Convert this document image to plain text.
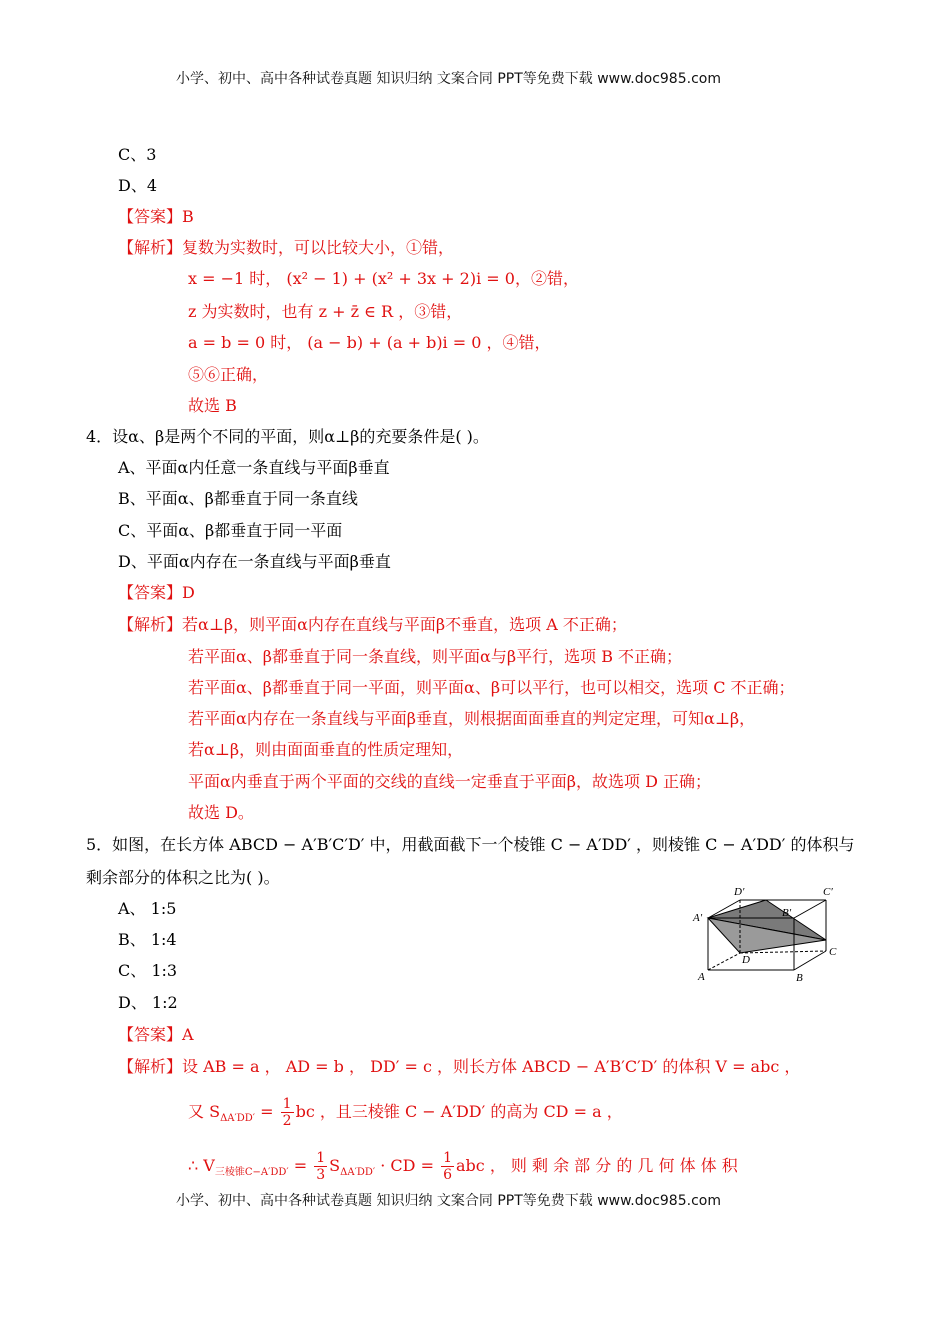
小学、初中、高中各种试卷真题 知识归纳 文案合同 PPT等免费下载 www.doc985.com
C、3
D、4
【答案】B
【解析】复数为实数时，可以比较大小，①错，
x = −1 时， (x² − 1) + (x² + 3x + 2)i = 0，②错，
z 为实数时，也有 z + z̄ ∈ R ，③错，
a = b = 0 时， (a − b) + (a + b)i = 0 ，④错，
⑤⑥正确，
故选 B
4．设α、β是两个不同的平面，则α⊥β的充要条件是( )。
A、平面α内任意一条直线与平面β垂直
B、平面α、β都垂直于同一条直线
C、平面α、β都垂直于同一平面
D、平面α内存在一条直线与平面β垂直
【答案】D
【解析】若α⊥β，则平面α内存在直线与平面β不垂直，选项 A 不正确；
若平面α、β都垂直于同一条直线，则平面α与β平行，选项 B 不正确；
若平面α、β都垂直于同一平面，则平面α、β可以平行，也可以相交，选项 C 不正确；
若平面α内存在一条直线与平面β垂直，则根据面面垂直的判定定理，可知α⊥β，
若α⊥β，则由面面垂直的性质定理知，
平面α内垂直于两个平面的交线的直线一定垂直于平面β，故选项 D 正确；
故选 D。
5．如图，在长方体 ABCD − A′B′C′D′ 中，用截面截下一个棱锥 C − A′DD′ ，则棱锥 C − A′DD′ 的体积与
剩余部分的体积之比为( )。
A、 1:5
B、 1:4
C、 1:3
D、 1:2
D′	C′
A′	B′
D
C
A	B
【答案】A
【解析】设 AB = a ， AD = b ， DD′ = c ，则长方体 ABCD − A′B′C′D′ 的体积 V = abc ，
又 $S_{\Delta A'DD'} = \frac{1}{2}$ bc ，且三棱锥 C − A′DD′ 的高为 CD = a ，
∴ $V_{三棱锥C-A'DD'} = \frac{1}{3} S_{\Delta A'DD'}$ · CD = $\frac{1}{6}$ abc ， 则 剩 余 部 分 的 几 何 体 体 积
小学、初中、高中各种试卷真题 知识归纳 文案合同 PPT等免费下载 www.doc985.com
